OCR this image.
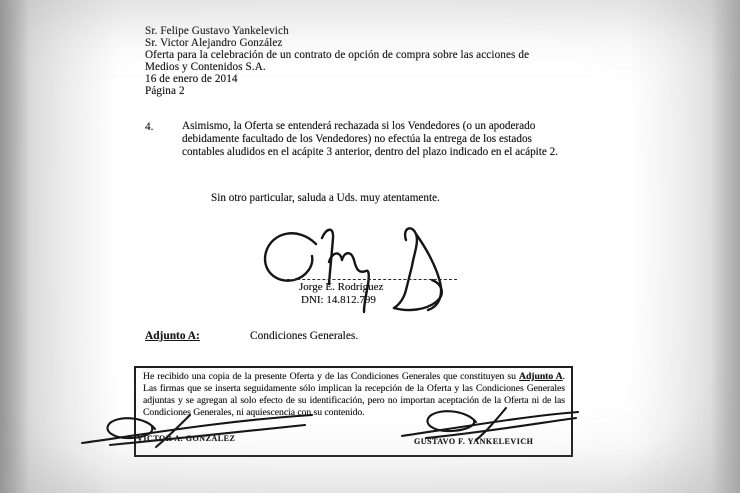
Sr. Felipe Gustavo Yankelevich
Sr. Victor Alejandro González
Oferta para la celebración de un contrato de opción de compra sobre las acciones de
Medios y Contenidos S.A.
16 de enero de 2014
Página 2
4.	Asimismo, la Oferta se entenderá rechazada si los Vendedores (o un apoderado debidamente facultado de los Vendedores) no efectúa la entrega de los estados contables aludidos en el acápite 3 anterior, dentro del plazo indicado en el acápite 2.
Sin otro particular, saluda a Uds. muy atentamente.
Jorge E. Rodríguez
DNI: 14.812.799
Adjunto A:	Condiciones Generales.
He recibido una copia de la presente Oferta y de las Condiciones Generales que constituyen su Adjunto A. Las firmas que se inserta seguidamente sólo implican la recepción de la Oferta y las Condiciones Generales adjuntas y se agregan al solo efecto de su identificación, pero no importan aceptación de la Oferta ni de las Condiciones Generales, ni aquiescencia con su contenido.
VICTOR A. GONZALEZ	GUSTAVO F. YANKELEVICH
